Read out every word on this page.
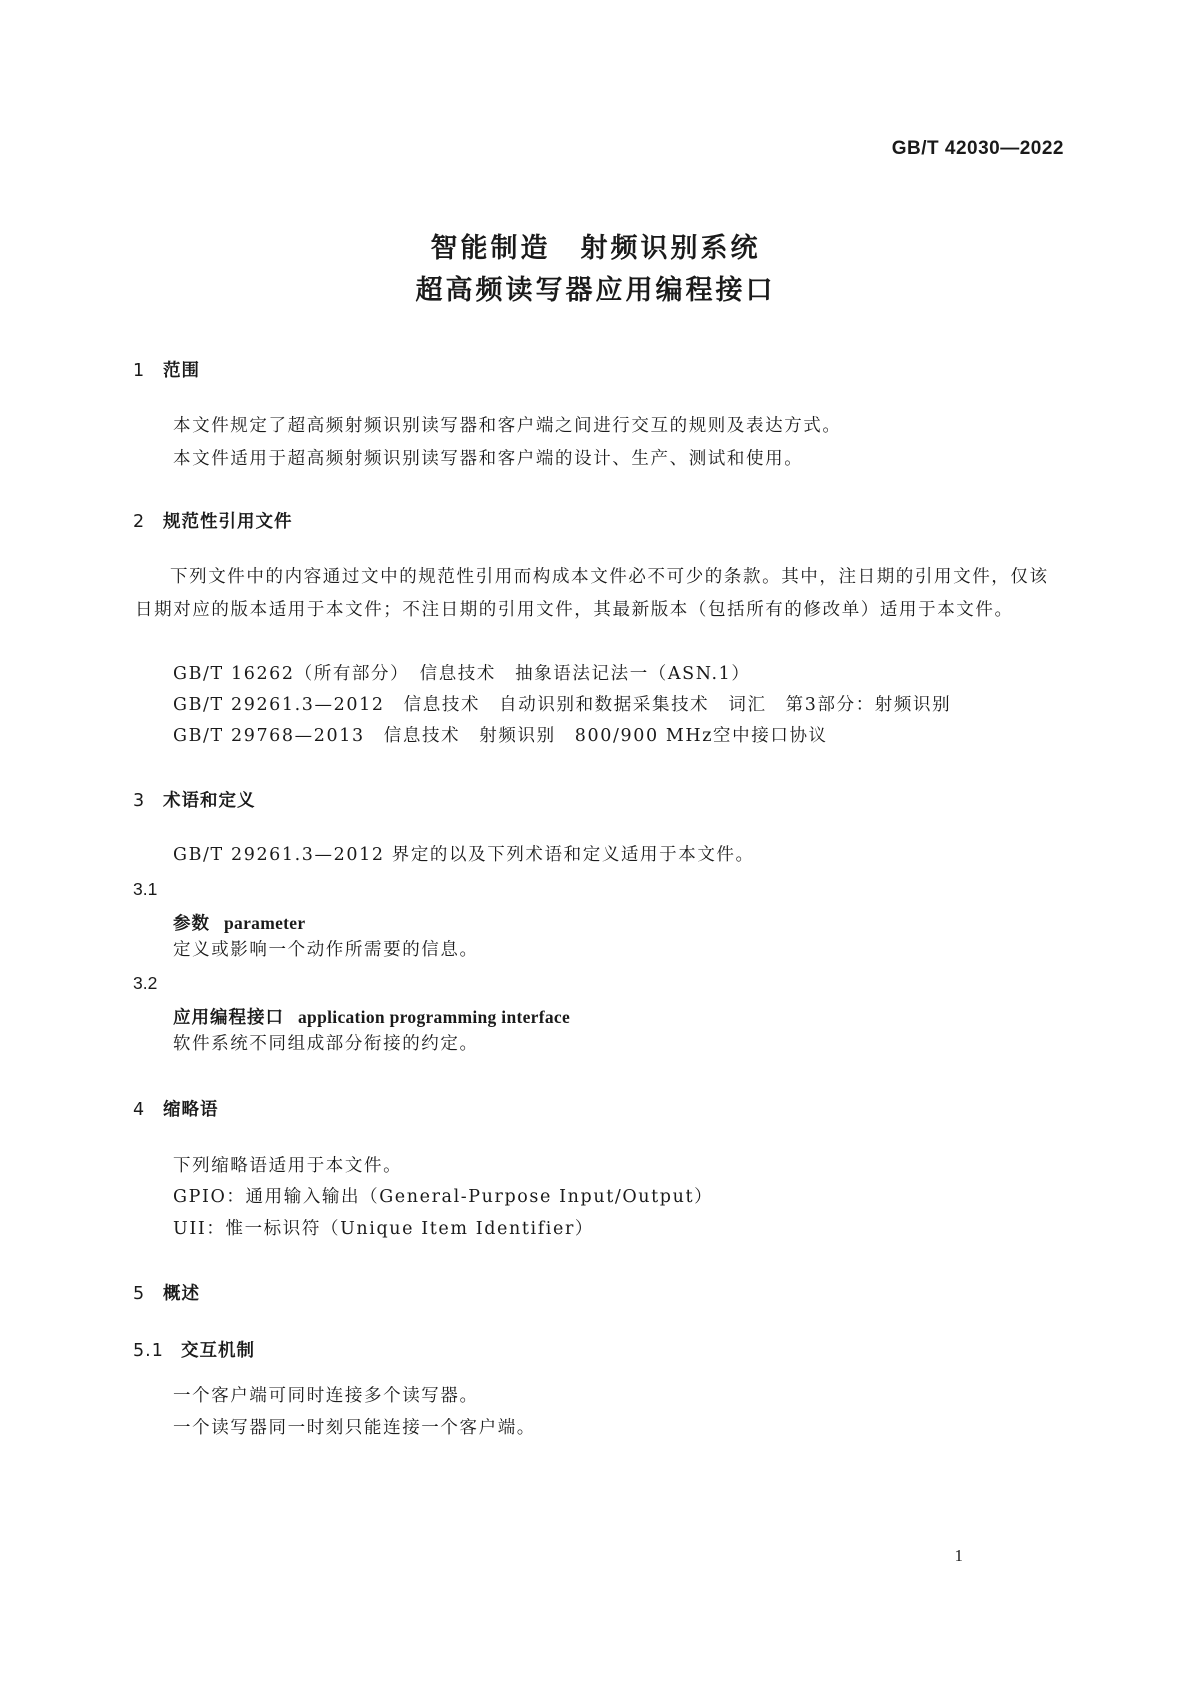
GB/T 42030—2022
智能制造　射频识别系统
超高频读写器应用编程接口
1 范围
本文件规定了超高频射频识别读写器和客户端之间进行交互的规则及表达方式。
本文件适用于超高频射频识别读写器和客户端的设计、生产、测试和使用。
2 规范性引用文件
下列文件中的内容通过文中的规范性引用而构成本文件必不可少的条款。其中，注日期的引用文件，仅该日期对应的版本适用于本文件；不注日期的引用文件，其最新版本（包括所有的修改单）适用于本文件。
GB/T 16262（所有部分）　信息技术　抽象语法记法一（ASN.1）
GB/T 29261.3—2012　信息技术　自动识别和数据采集技术　词汇　第3部分：射频识别
GB/T 29768—2013　信息技术　射频识别　800/900 MHz空中接口协议
3 术语和定义
GB/T 29261.3—2012 界定的以及下列术语和定义适用于本文件。
3.1
参数 parameter
定义或影响一个动作所需要的信息。
3.2
应用编程接口 application programming interface
软件系统不同组成部分衔接的约定。
4 缩略语
下列缩略语适用于本文件。
GPIO：通用输入输出（General-Purpose Input/Output）
UII：惟一标识符（Unique Item Identifier）
5 概述
5.1 交互机制
一个客户端可同时连接多个读写器。
一个读写器同一时刻只能连接一个客户端。
1
